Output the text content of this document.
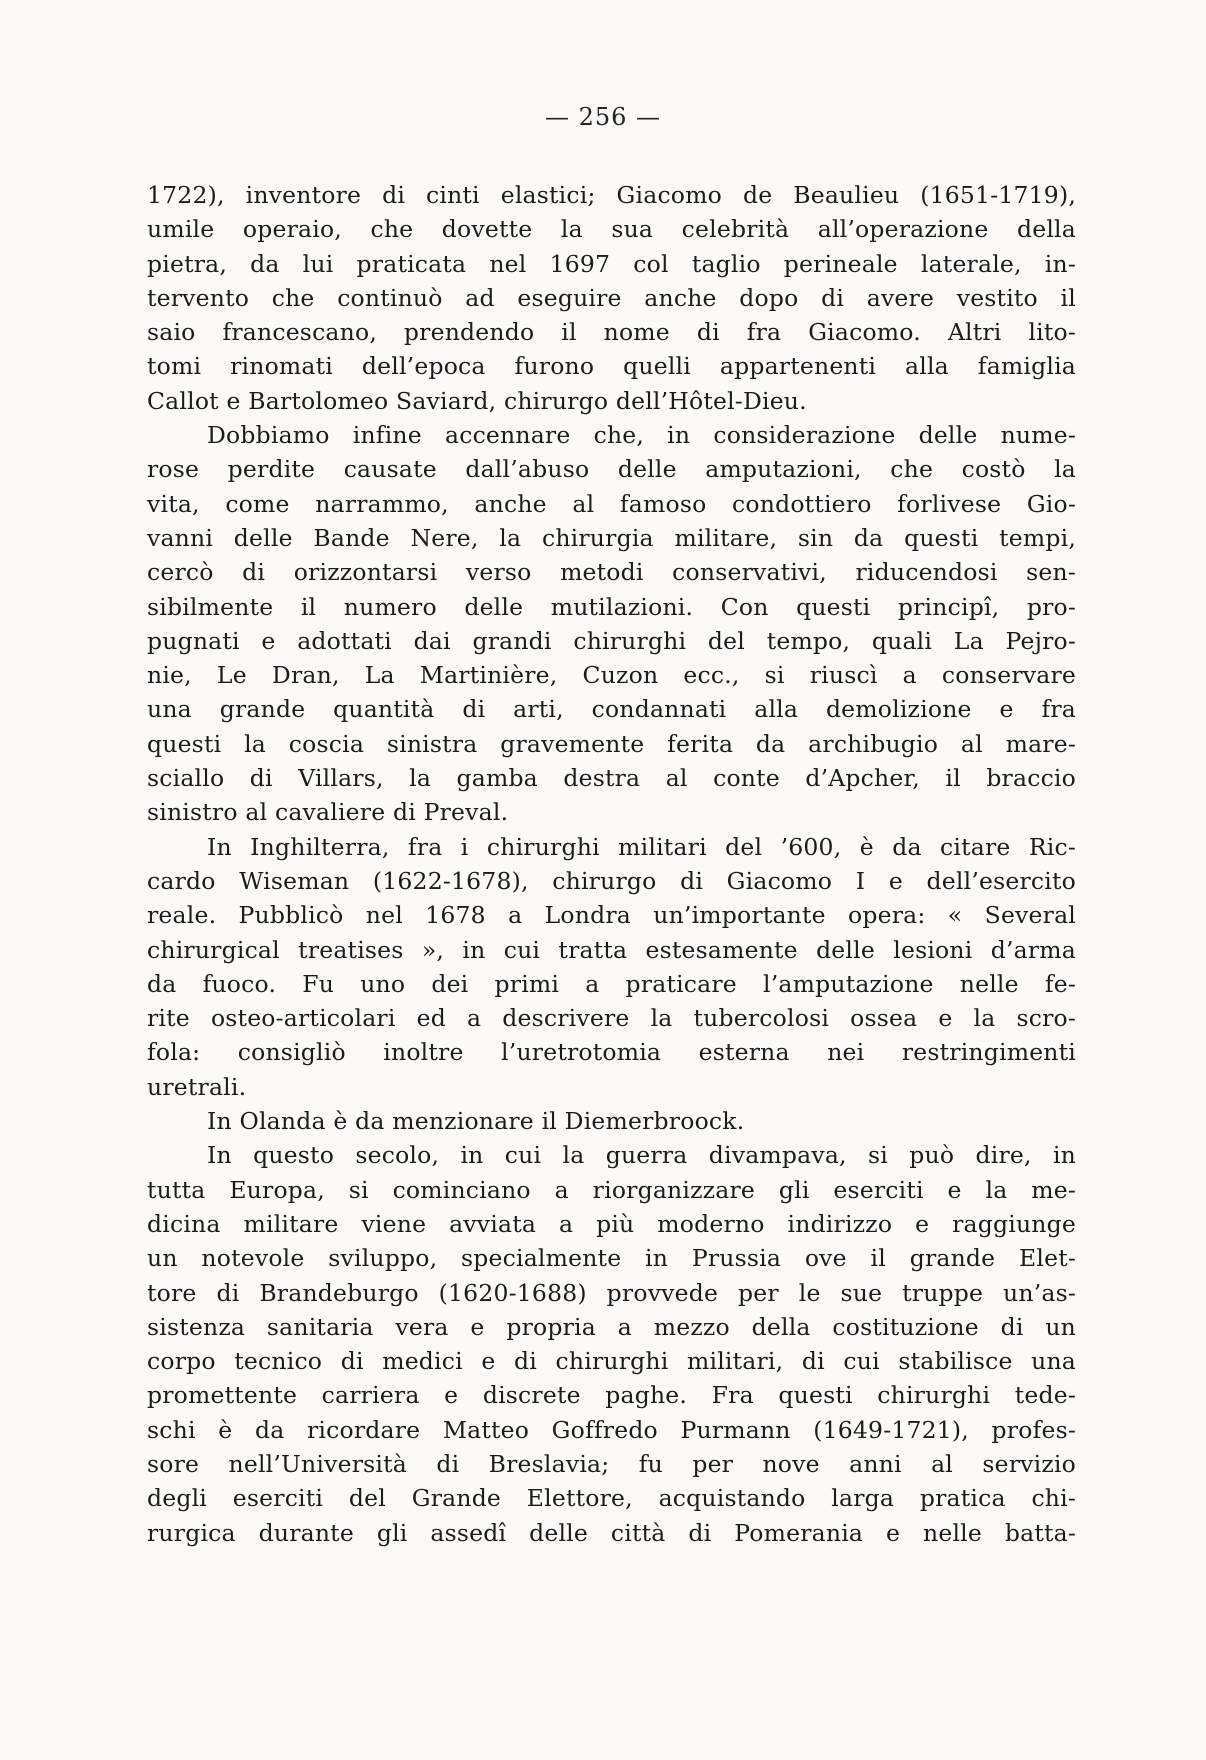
— 256 —
1722), inventore di cinti elastici; Giacomo de Beaulieu (1651-1719),
umile operaio, che dovette la sua celebrità all’operazione della
pietra, da lui praticata nel 1697 col taglio perineale laterale, in-
tervento che continuò ad eseguire anche dopo di avere vestito il
saio francescano, prendendo il nome di fra Giacomo. Altri lito-
tomi rinomati dell’epoca furono quelli appartenenti alla famiglia
Callot e Bartolomeo Saviard, chirurgo dell’Hôtel-Dieu.
Dobbiamo infine accennare che, in considerazione delle nume-
rose perdite causate dall’abuso delle amputazioni, che costò la
vita, come narrammo, anche al famoso condottiero forlivese Gio-
vanni delle Bande Nere, la chirurgia militare, sin da questi tempi,
cercò di orizzontarsi verso metodi conservativi, riducendosi sen-
sibilmente il numero delle mutilazioni. Con questi principî, pro-
pugnati e adottati dai grandi chirurghi del tempo, quali La Pejro-
nie, Le Dran, La Martinière, Cuzon ecc., si riuscì a conservare
una grande quantità di arti, condannati alla demolizione e fra
questi la coscia sinistra gravemente ferita da archibugio al mare-
sciallo di Villars, la gamba destra al conte d’Apcher, il braccio
sinistro al cavaliere di Preval.
In Inghilterra, fra i chirurghi militari del ’600, è da citare Ric-
cardo Wiseman (1622-1678), chirurgo di Giacomo I e dell’esercito
reale. Pubblicò nel 1678 a Londra un’importante opera: « Several
chirurgical treatises », in cui tratta estesamente delle lesioni d’arma
da fuoco. Fu uno dei primi a praticare l’amputazione nelle fe-
rite osteo-articolari ed a descrivere la tubercolosi ossea e la scro-
fola: consigliò inoltre l’uretrotomia esterna nei restringimenti
uretrali.
In Olanda è da menzionare il Diemerbroock.
In questo secolo, in cui la guerra divampava, si può dire, in
tutta Europa, si cominciano a riorganizzare gli eserciti e la me-
dicina militare viene avviata a più moderno indirizzo e raggiunge
un notevole sviluppo, specialmente in Prussia ove il grande Elet-
tore di Brandeburgo (1620-1688) provvede per le sue truppe un’as-
sistenza sanitaria vera e propria a mezzo della costituzione di un
corpo tecnico di medici e di chirurghi militari, di cui stabilisce una
promettente carriera e discrete paghe. Fra questi chirurghi tede-
schi è da ricordare Matteo Goffredo Purmann (1649-1721), profes-
sore nell’Università di Breslavia; fu per nove anni al servizio
degli eserciti del Grande Elettore, acquistando larga pratica chi-
rurgica durante gli assedî delle città di Pomerania e nelle batta-
